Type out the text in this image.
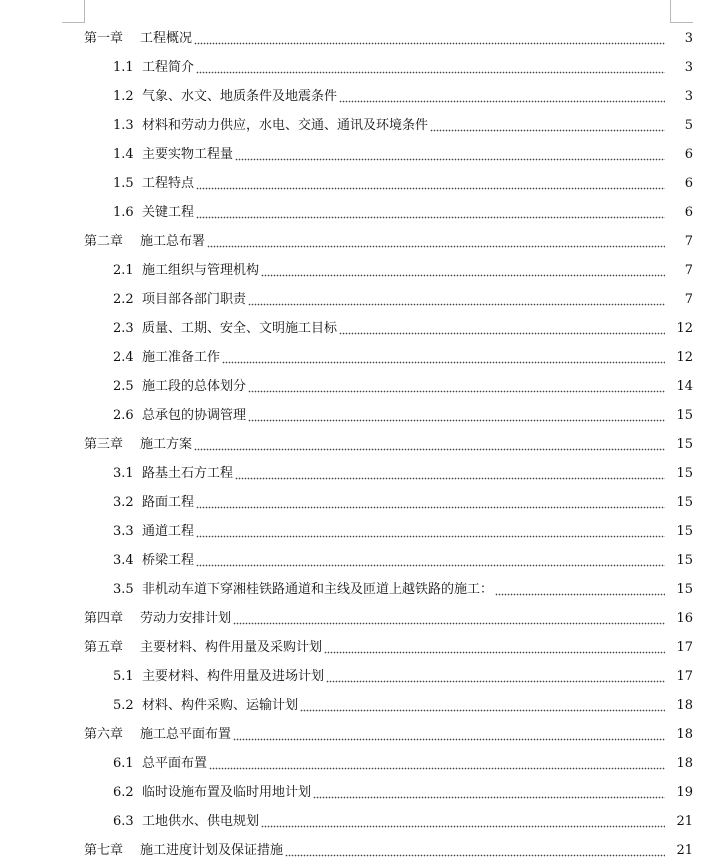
第一章	工程概况	3
1.1 工程简介	3
1.2 气象、水文、地质条件及地震条件	3
1.3 材料和劳动力供应，水电、交通、通讯及环境条件	5
1.4 主要实物工程量	6
1.5 工程特点	6
1.6 关键工程	6
第二章	施工总布署	7
2.1 施工组织与管理机构	7
2.2 项目部各部门职责	7
2.3 质量、工期、安全、文明施工目标	12
2.4 施工准备工作	12
2.5 施工段的总体划分	14
2.6 总承包的协调管理	15
第三章	施工方案	15
3.1 路基土石方工程	15
3.2 路面工程	15
3.3 通道工程	15
3.4 桥梁工程	15
3.5 非机动车道下穿湘桂铁路通道和主线及匝道上越铁路的施工：	15
第四章	劳动力安排计划	16
第五章	主要材料、构件用量及采购计划	17
5.1 主要材料、构件用量及进场计划	17
5.2 材料、构件采购、运输计划	18
第六章	施工总平面布置	18
6.1 总平面布置	18
6.2 临时设施布置及临时用地计划	19
6.3 工地供水、供电规划	21
第七章	施工进度计划及保证措施	21
